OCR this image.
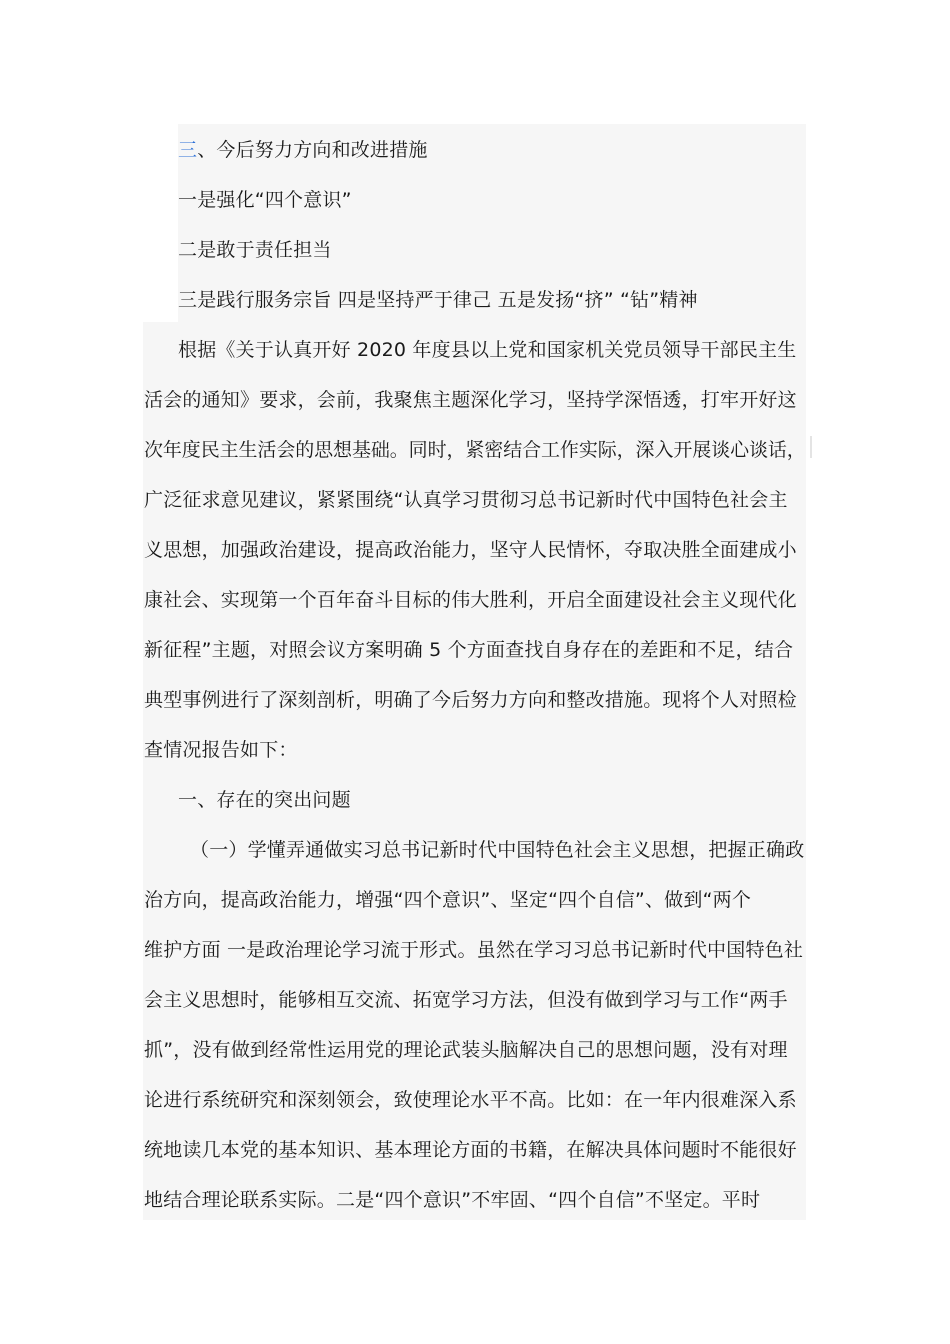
三、今后努力方向和改进措施
一是强化“四个意识”
二是敢于责任担当
三是践行服务宗旨 四是坚持严于律己 五是发扬“挤” “钻”精神
根据《关于认真开好 2020 年度县以上党和国家机关党员领导干部民主生
活会的通知》要求，会前，我聚焦主题深化学习，坚持学深悟透，打牢开好这
次年度民主生活会的思想基础。同时，紧密结合工作实际，深入开展谈心谈话，
广泛征求意见建议，紧紧围绕“认真学习贯彻习总书记新时代中国特色社会主
义思想，加强政治建设，提高政治能力，坚守人民情怀，夺取决胜全面建成小
康社会、实现第一个百年奋斗目标的伟大胜利，开启全面建设社会主义现代化
新征程”主题，对照会议方案明确 5 个方面查找自身存在的差距和不足，结合
典型事例进行了深刻剖析，明确了今后努力方向和整改措施。现将个人对照检
查情况报告如下：
一、存在的突出问题
（一）学懂弄通做实习总书记新时代中国特色社会主义思想，把握正确政
治方向，提高政治能力，增强“四个意识”、坚定“四个自信”、做到“两个
维护方面 一是政治理论学习流于形式。虽然在学习习总书记新时代中国特色社
会主义思想时，能够相互交流、拓宽学习方法，但没有做到学习与工作“两手
抓”，没有做到经常性运用党的理论武装头脑解决自己的思想问题，没有对理
论进行系统研究和深刻领会，致使理论水平不高。比如：在一年内很难深入系
统地读几本党的基本知识、基本理论方面的书籍，在解决具体问题时不能很好
地结合理论联系实际。二是“四个意识”不牢固、“四个自信”不坚定。平时
